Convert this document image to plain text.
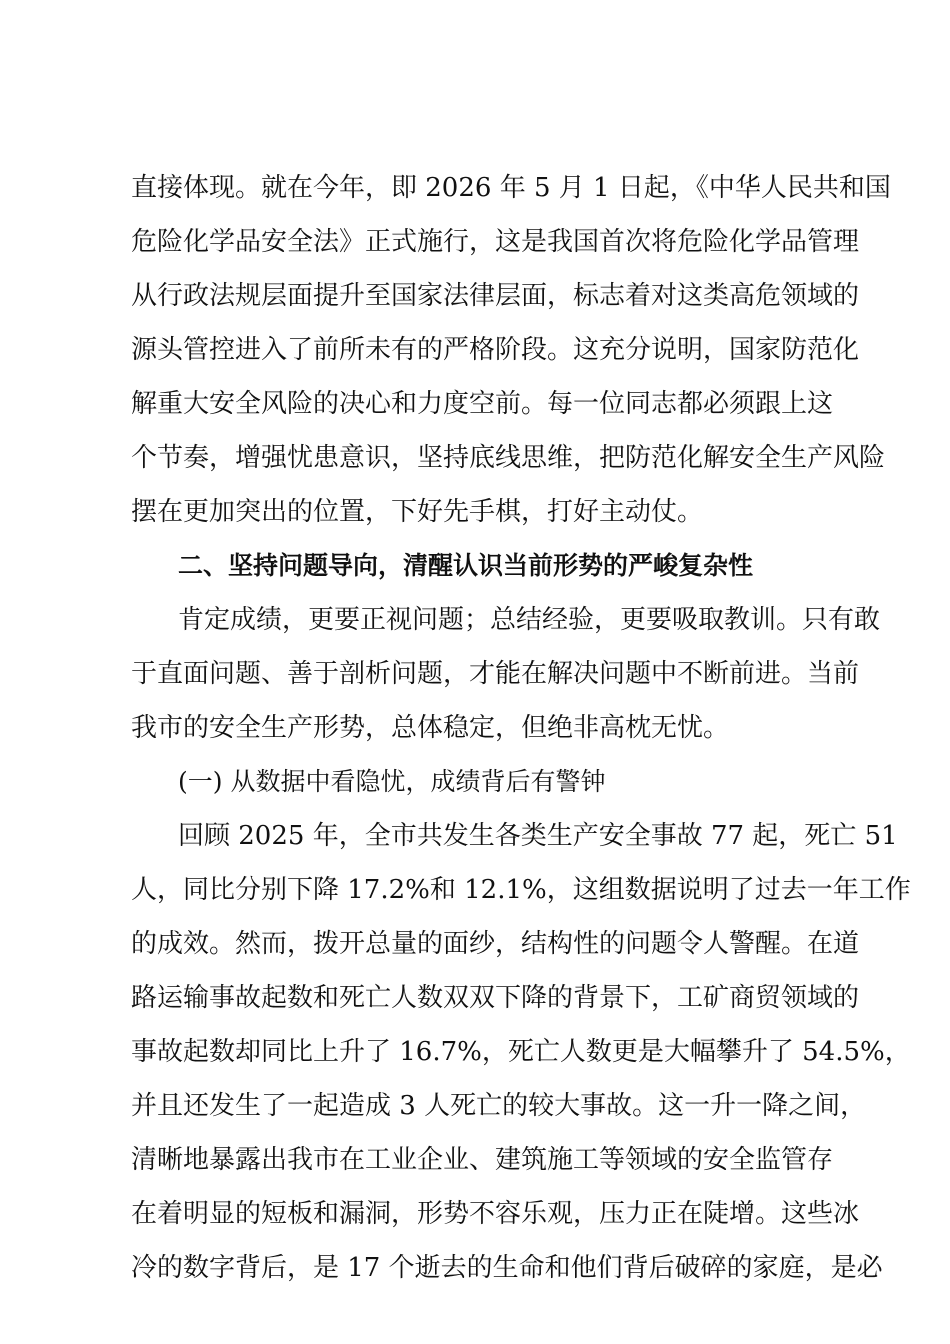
直接体现。就在今年，即 2026 年 5 月 1 日起，《中华人民共和国
危险化学品安全法》正式施行，这是我国首次将危险化学品管理
从行政法规层面提升至国家法律层面，标志着对这类高危领域的
源头管控进入了前所未有的严格阶段。这充分说明，国家防范化
解重大安全风险的决心和力度空前。每一位同志都必须跟上这
个节奏，增强忧患意识，坚持底线思维，把防范化解安全生产风险
摆在更加突出的位置，下好先手棋，打好主动仗。
二、坚持问题导向，清醒认识当前形势的严峻复杂性
肯定成绩，更要正视问题；总结经验，更要吸取教训。只有敢
于直面问题、善于剖析问题，才能在解决问题中不断前进。当前
我市的安全生产形势，总体稳定，但绝非高枕无忧。
(一) 从数据中看隐忧，成绩背后有警钟
回顾 2025 年，全市共发生各类生产安全事故 77 起，死亡 51
人，同比分别下降 17.2%和 12.1%，这组数据说明了过去一年工作
的成效。然而，拨开总量的面纱，结构性的问题令人警醒。在道
路运输事故起数和死亡人数双双下降的背景下，工矿商贸领域的
事故起数却同比上升了 16.7%，死亡人数更是大幅攀升了 54.5%，
并且还发生了一起造成 3 人死亡的较大事故。这一升一降之间，
清晰地暴露出我市在工业企业、建筑施工等领域的安全监管存
在着明显的短板和漏洞，形势不容乐观，压力正在陡增。这些冰
冷的数字背后，是 17 个逝去的生命和他们背后破碎的家庭，是必
